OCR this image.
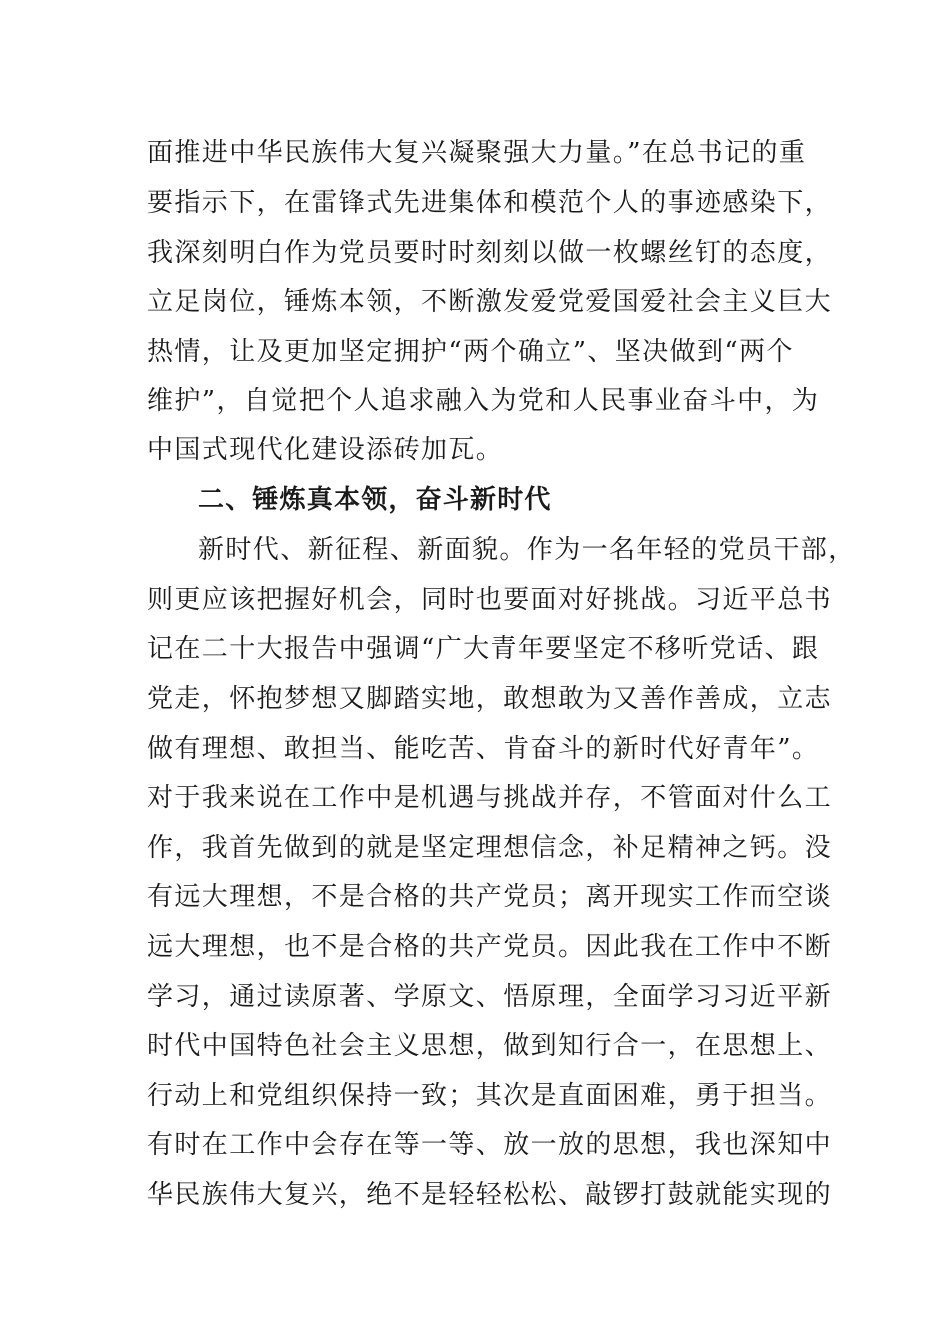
面推进中华民族伟大复兴凝聚强大力量。”在总书记的重
要指示下，在雷锋式先进集体和模范个人的事迹感染下，
我深刻明白作为党员要时时刻刻以做一枚螺丝钉的态度，
立足岗位，锤炼本领，不断激发爱党爱国爱社会主义巨大
热情，让及更加坚定拥护“两个确立”、坚决做到“两个
维护”，自觉把个人追求融入为党和人民事业奋斗中，为
中国式现代化建设添砖加瓦。
二、锤炼真本领，奋斗新时代
新时代、新征程、新面貌。作为一名年轻的党员干部，
则更应该把握好机会，同时也要面对好挑战。习近平总书
记在二十大报告中强调“广大青年要坚定不移听党话、跟
党走，怀抱梦想又脚踏实地，敢想敢为又善作善成，立志
做有理想、敢担当、能吃苦、肯奋斗的新时代好青年”。
对于我来说在工作中是机遇与挑战并存，不管面对什么工
作，我首先做到的就是坚定理想信念，补足精神之钙。没
有远大理想，不是合格的共产党员；离开现实工作而空谈
远大理想，也不是合格的共产党员。因此我在工作中不断
学习，通过读原著、学原文、悟原理，全面学习习近平新
时代中国特色社会主义思想，做到知行合一，在思想上、
行动上和党组织保持一致；其次是直面困难，勇于担当。
有时在工作中会存在等一等、放一放的思想，我也深知中
华民族伟大复兴，绝不是轻轻松松、敲锣打鼓就能实现的
